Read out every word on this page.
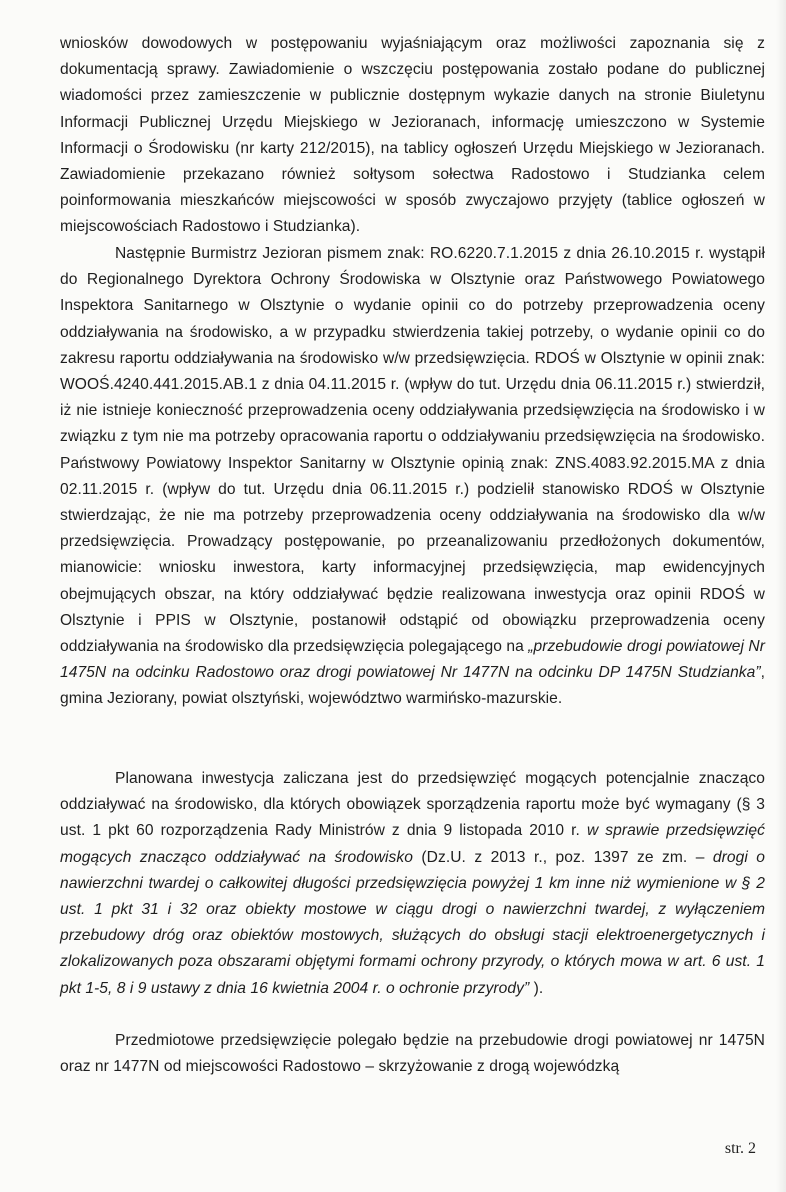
wniosków dowodowych w postępowaniu wyjaśniającym oraz możliwości zapoznania się z dokumentacją sprawy. Zawiadomienie o wszczęciu postępowania zostało podane do publicznej wiadomości przez zamieszczenie w publicznie dostępnym wykazie danych na stronie Biuletynu Informacji Publicznej Urzędu Miejskiego w Jezioranach, informację umieszczono w Systemie Informacji o Środowisku (nr karty 212/2015), na tablicy ogłoszeń Urzędu Miejskiego w Jezioranach. Zawiadomienie przekazano również sołtysom sołectwa Radostowo i Studzianka celem poinformowania mieszkańców miejscowości w sposób zwyczajowo przyjęty (tablice ogłoszeń w miejscowościach Radostowo i Studzianka).

Następnie Burmistrz Jezioran pismem znak: RO.6220.7.1.2015 z dnia 26.10.2015 r. wystąpił do Regionalnego Dyrektora Ochrony Środowiska w Olsztynie oraz Państwowego Powiatowego Inspektora Sanitarnego w Olsztynie o wydanie opinii co do potrzeby przeprowadzenia oceny oddziaływania na środowisko, a w przypadku stwierdzenia takiej potrzeby, o wydanie opinii co do zakresu raportu oddziaływania na środowisko w/w przedsięwzięcia. RDOŚ w Olsztynie w opinii znak: WOOŚ.4240.441.2015.AB.1 z dnia 04.11.2015 r. (wpływ do tut. Urzędu dnia 06.11.2015 r.) stwierdził, iż nie istnieje konieczność przeprowadzenia oceny oddziaływania przedsięwzięcia na środowisko i w związku z tym nie ma potrzeby opracowania raportu o oddziaływaniu przedsięwzięcia na środowisko. Państwowy Powiatowy Inspektor Sanitarny w Olsztynie opinią znak: ZNS.4083.92.2015.MA z dnia 02.11.2015 r. (wpływ do tut. Urzędu dnia 06.11.2015 r.) podzielił stanowisko RDOŚ w Olsztynie stwierdzając, że nie ma potrzeby przeprowadzenia oceny oddziaływania na środowisko dla w/w przedsięwzięcia. Prowadzący postępowanie, po przeanalizowaniu przedłożonych dokumentów, mianowicie: wniosku inwestora, karty informacyjnej przedsięwzięcia, map ewidencyjnych obejmujących obszar, na który oddziaływać będzie realizowana inwestycja oraz opinii RDOŚ w Olsztynie i PPIS w Olsztynie, postanowił odstąpić od obowiązku przeprowadzenia oceny oddziaływania na środowisko dla przedsięwzięcia polegającego na „przebudowie drogi powiatowej Nr 1475N na odcinku Radostowo oraz drogi powiatowej Nr 1477N na odcinku DP 1475N Studzianka”, gmina Jeziorany, powiat olsztyński, województwo warmińsko-mazurskie.

Planowana inwestycja zaliczana jest do przedsięwzięć mogących potencjalnie znacząco oddziaływać na środowisko, dla których obowiązek sporządzenia raportu może być wymagany (§ 3 ust. 1 pkt 60 rozporządzenia Rady Ministrów z dnia 9 listopada 2010 r. w sprawie przedsięwzięć mogących znacząco oddziaływać na środowisko (Dz.U. z 2013 r., poz. 1397 ze zm. – drogi o nawierzchni twardej o całkowitej długości przedsięwzięcia powyżej 1 km inne niż wymienione w § 2 ust. 1 pkt 31 i 32 oraz obiekty mostowe w ciągu drogi o nawierzchni twardej, z wyłączeniem przebudowy dróg oraz obiektów mostowych, służących do obsługi stacji elektroenergetycznych i zlokalizowanych poza obszarami objętymi formami ochrony przyrody, o których mowa w art. 6 ust. 1 pkt 1-5, 8 i 9 ustawy z dnia 16 kwietnia 2004 r. o ochronie przyrody” ).

Przedmiotowe przedsięwzięcie polegało będzie na przebudowie drogi powiatowej nr 1475N oraz nr 1477N od miejscowości Radostowo – skrzyżowanie z drogą wojewódzką

str. 2
